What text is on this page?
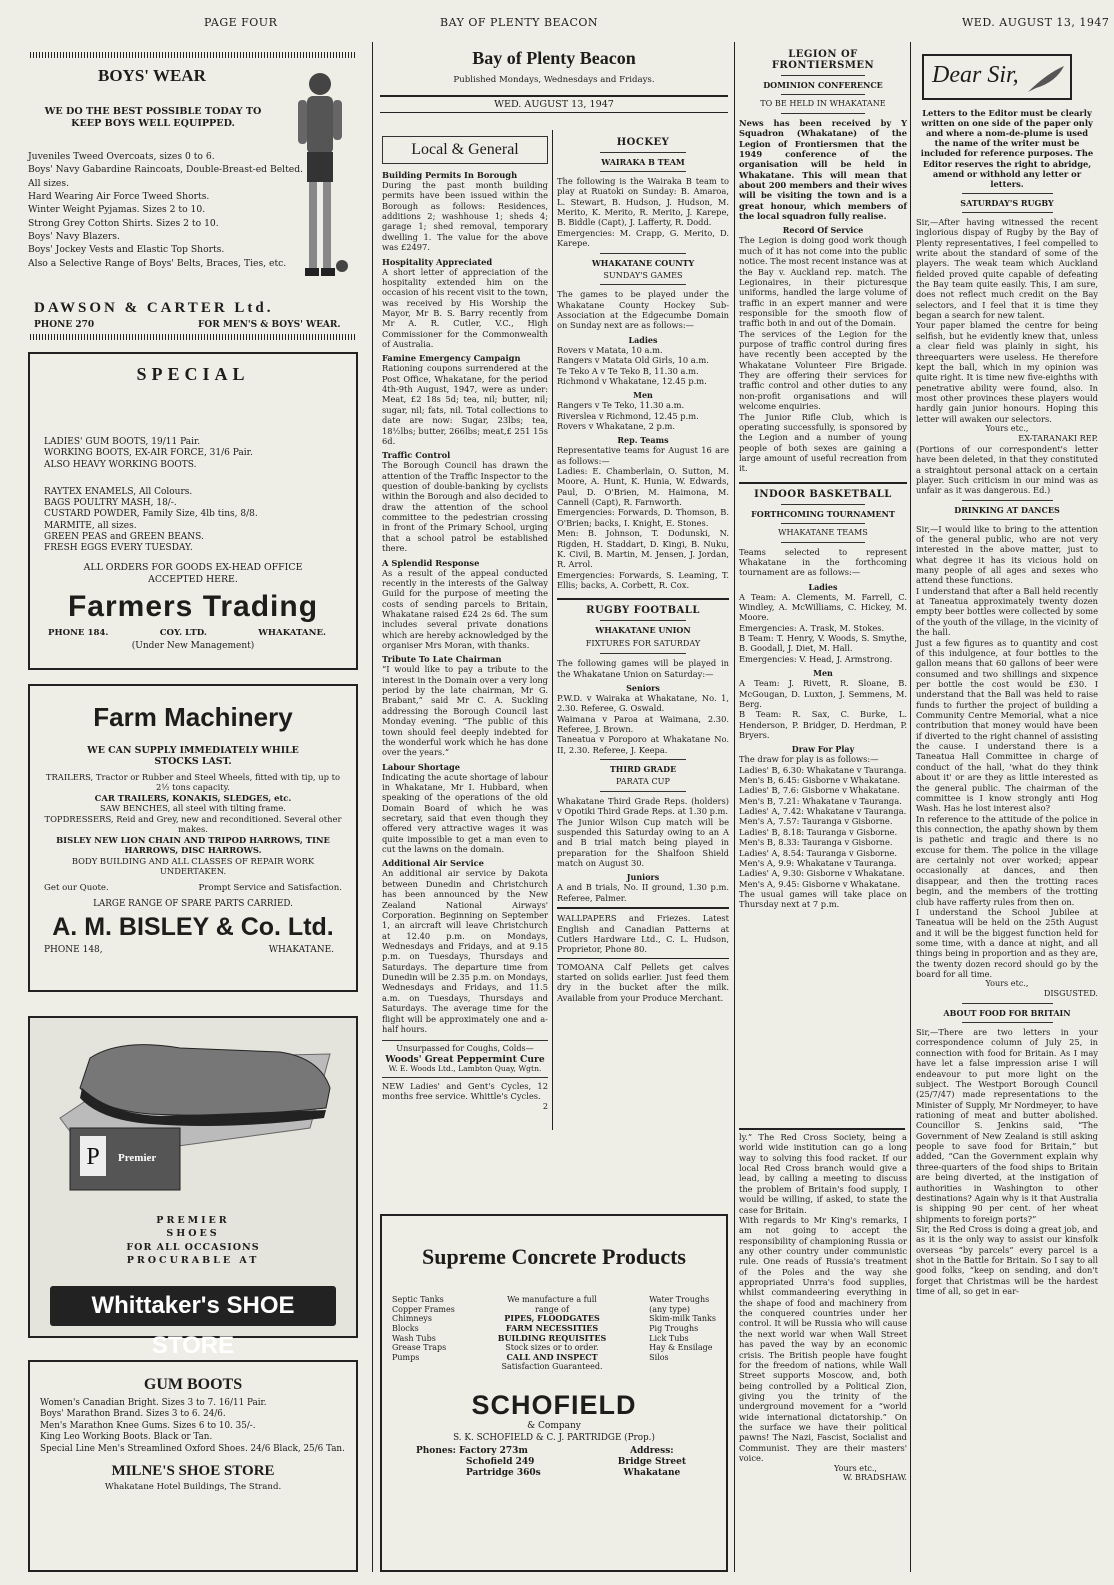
PAGE FOUR	BAY OF PLENTY BEACON	WED. AUGUST 13, 1947
BOYS' WEAR
WE DO THE BEST POSSIBLE TODAY TO KEEP BOYS WELL EQUIPPED.
Juveniles Tweed Overcoats, sizes 0 to 6.
Boys' Navy Gabardine Raincoats, Double-Breast-ed Belted. All sizes.
Hard Wearing Air Force Tweed Shorts.
Winter Weight Pyjamas. Sizes 2 to 10.
Strong Grey Cotton Shirts. Sizes 2 to 10.
Boys' Navy Blazers.
Boys' Jockey Vests and Elastic Top Shorts.
Also a Selective Range of Boys' Belts, Braces, Ties, etc.
DAWSON & CARTER Ltd.
PHONE 270	FOR MEN'S & BOYS' WEAR.
SPECIAL
LADIES' GUM BOOTS, 19/11 Pair.
WORKING BOOTS, EX-AIR FORCE, 31/6 Pair.
ALSO HEAVY WORKING BOOTS.
RAYTEX ENAMELS, All Colours.
BAGS POULTRY MASH, 18/-.
CUSTARD POWDER, Family Size, 4lb tins, 8/8.
MARMITE, all sizes.
GREEN PEAS and GREEN BEANS.
FRESH EGGS EVERY TUESDAY.
ALL ORDERS FOR GOODS EX-HEAD OFFICE ACCEPTED HERE.
Farmers Trading
PHONE 184.	COY. LTD.	WHAKATANE.
(Under New Management)
Farm Machinery
WE CAN SUPPLY IMMEDIATELY WHILE STOCKS LAST.
TRAILERS, Tractor or Rubber and Steel Wheels, fitted with tip, up to 2½ tons capacity.
CAR TRAILERS, KONAKIS, SLEDGES, etc.
SAW BENCHES, all steel with tilting frame.
TOPDRESSERS, Reid and Grey, new and reconditioned. Several other makes.
BISLEY NEW LION CHAIN AND TRIPOD HARROWS, TINE HARROWS, DISC HARROWS.
BODY BUILDING AND ALL CLASSES OF REPAIR WORK UNDERTAKEN.
Get our Quote.	Prompt Service and Satisfaction.
LARGE RANGE OF SPARE PARTS CARRIED.
A. M. BISLEY & Co. Ltd.
PHONE 148,	WHAKATANE.
P Premier
PREMIER
SHOES
FOR ALL OCCASIONS
PROCURABLE AT
Whittaker's SHOE STORE
GUM BOOTS
Women's Canadian Bright. Sizes 3 to 7. 16/11 Pair.
Boys' Marathon Brand. Sizes 3 to 6. 24/6.
Men's Marathon Knee Gums. Sizes 6 to 10. 35/-.
King Leo Working Boots. Black or Tan.
Special Line Men's Streamlined Oxford Shoes. 24/6 Black, 25/6 Tan.
MILNE'S SHOE STORE
Whakatane Hotel Buildings, The Strand.
Bay of Plenty Beacon
Published Mondays, Wednesdays and Fridays.
WED. AUGUST 13, 1947
Local & General
Building Permits In Borough
During the past month building permits have been issued within the Borough as follows: Residences, additions 2; washhouse 1; sheds 4; garage 1; shed removal, temporary dwelling 1. The value for the above was £2497.
Hospitality Appreciated
A short letter of appreciation of the hospitality extended him on the occasion of his recent visit to the town, was received by His Worship the Mayor, Mr B. S. Barry recently from Mr A. R. Cutler, V.C., High Commissioner for the Commonwealth of Australia.
Famine Emergency Campaign
Rationing coupons surrendered at the Post Office, Whakatane, for the period 4th-9th August, 1947, were as under: Meat, £2 18s 5d; tea, nil; butter, nil; sugar, nil; fats, nil. Total collections to date are now: Sugar, 23lbs; tea, 18½lbs; butter, 266lbs; meat,£ 251 15s 6d.
Traffic Control
The Borough Council has drawn the attention of the Traffic Inspector to the question of double-banking by cyclists within the Borough and also decided to draw the attention of the school committee to the pedestrian crossing in front of the Primary School, urging that a school patrol be established there.
A Splendid Response
As a result of the appeal conducted recently in the interests of the Galway Guild for the purpose of meeting the costs of sending parcels to Britain, Whakatane raised £24 2s 6d. The sum includes several private donations which are hereby acknowledged by the organiser Mrs Moran, with thanks.
Tribute To Late Chairman
“I would like to pay a tribute to the interest in the Domain over a very long period by the late chairman, Mr G. Brabant,” said Mr C. A. Suckling addressing the Borough Council last Monday evening. “The public of this town should feel deeply indebted for the wonderful work which he has done over the years.”
Labour Shortage
Indicating the acute shortage of labour in Whakatane, Mr I. Hubbard, when speaking of the operations of the old Domain Board of which he was secretary, said that even though they offered very attractive wages it was quite impossible to get a man even to cut the lawns on the domain.
Additional Air Service
An additional air service by Dakota between Dunedin and Christchurch has been announced by the New Zealand National Airways' Corporation. Beginning on September 1, an aircraft will leave Christchurch at 12.40 p.m. on Mondays, Wednesdays and Fridays, and at 9.15 p.m. on Tuesdays, Thursdays and Saturdays. The departure time from Dunedin will be 2.35 p.m. on Mondays, Wednesdays and Fridays, and 11.5 a.m. on Tuesdays, Thursdays and Saturdays. The average time for the flight will be approximately one and a-half hours.
Unsurpassed for Coughs, Colds—
Woods' Great Peppermint Cure
W. E. Woods Ltd., Lambton Quay, Wgtn.
NEW Ladies' and Gent's Cycles, 12 months free service. Whittle's Cycles.
2
HOCKEY
WAIRAKA B TEAM
The following is the Wairaka B team to play at Ruatoki on Sunday: B. Amaroa, L. Stewart, B. Hudson, J. Hudson, M. Merito, K. Merito, R. Merito, J. Karepe, B. Biddle (Capt), J. Lafferty, R. Dodd.
Emergencies: M. Crapp, G. Merito, D. Karepe.
WHAKATANE COUNTY
SUNDAY'S GAMES
The games to be played under the Whakatane County Hockey Sub-Association at the Edgecumbe Domain on Sunday next are as follows:—
Ladies
Rovers v Matata, 10 a.m.
Rangers v Matata Old Girls, 10 a.m.
Te Teko A v Te Teko B, 11.30 a.m.
Richmond v Whakatane, 12.45 p.m.
Men
Rangers v Te Teko, 11.30 a.m.
Riverslea v Richmond, 12.45 p.m.
Rovers v Whakatane, 2 p.m.
Rep. Teams
Representative teams for August 16 are as follows:—
Ladies: E. Chamberlain, O. Sutton, M. Moore, A. Hunt, K. Hunia, W. Edwards, Paul, D. O'Brien, M. Haimona, M. Cannell (Capt), R. Farnworth.
Emergencies: Forwards, D. Thomson, B. O'Brien; backs, I. Knight, E. Stones.
Men: B. Johnson, T. Dodunski, N. Rigden, H. Staddart, D. Kingi, B. Nuku, K. Civil, B. Martin, M. Jensen, J. Jordan, R. Arrol.
Emergencies: Forwards, S. Leaming, T. Ellis; backs, A. Corbett, R. Cox.
RUGBY FOOTBALL
WHAKATANE UNION
FIXTURES FOR SATURDAY
The following games will be played in the Whakatane Union on Saturday:—
Seniors
P.W.D. v Wairaka at Whakatane, No. 1, 2.30. Referee, G. Oswald.
Waimana v Paroa at Waimana, 2.30. Referee, J. Brown.
Taneatua v Poroporo at Whakatane No. II, 2.30. Referee, J. Keepa.
THIRD GRADE
PARATA CUP
Whakatane Third Grade Reps. (holders) v Opotiki Third Grade Reps. at 1.30 p.m.
The Junior Wilson Cup match will be suspended this Saturday owing to an A and B trial match being played in preparation for the Shalfoon Shield match on August 30.
Juniors
A and B trials, No. II ground, 1.30 p.m. Referee, Palmer.
WALLPAPERS and Friezes. Latest English and Canadian Patterns at Cutlers Hardware Ltd., C. L. Hudson, Proprietor, Phone 80.
TOMOANA Calf Pellets get calves started on solids earlier. Just feed them dry in the bucket after the milk. Available from your Produce Merchant.
Supreme Concrete Products
Septic Tanks
Copper Frames
Chimneys
Blocks
Wash Tubs
Grease Traps
Pumps
We manufacture a full
range of
PIPES, FLOODGATES
FARM NECESSITIES
BUILDING REQUISITES
Stock sizes or to order.
CALL AND INSPECT
Satisfaction Guaranteed.
Water Troughs
(any type)
Skim-milk Tanks
Pig Troughs
Lick Tubs
Hay & Ensilage
Silos
SCHOFIELD
& Company
S. K. SCHOFIELD & C. J. PARTRIDGE (Prop.)
Phones: Factory 273m
Schofield 249
Partridge 360s
Address:
Bridge Street
Whakatane
LEGION OF FRONTIERSMEN
DOMINION CONFERENCE
TO BE HELD IN WHAKATANE
News has been received by Y Squadron (Whakatane) of the Legion of Frontiersmen that the 1949 conference of the organisation will be held in Whakatane. This will mean that about 200 members and their wives will be visiting the town and is a great honour, which members of the local squadron fully realise.
Record Of Service
The Legion is doing good work though much of it has not come into the public notice. The most recent instance was at the Bay v. Auckland rep. match. The Legionaires, in their picturesque uniforms, handled the large volume of traffic in an expert manner and were responsible for the smooth flow of traffic both in and out of the Domain.
The services of the Legion for the purpose of traffic control during fires have recently been accepted by the Whakatane Volunteer Fire Brigade. They are offering their services for traffic control and other duties to any non-profit organisations and will welcome enquiries.
The Junior Rifle Club, which is operating successfully, is sponsored by the Legion and a number of young people of both sexes are gaining a large amount of useful recreation from it.
INDOOR BASKETBALL
FORTHCOMING TOURNAMENT
WHAKATANE TEAMS
Teams selected to represent Whakatane in the forthcoming tournament are as follows:—
Ladies
A Team: A. Clements, M. Farrell, C. Windley, A. McWilliams, C. Hickey, M. Moore.
Emergencies: A. Trask, M. Stokes.
B Team: T. Henry, V. Woods, S. Smythe, B. Goodall, J. Diet, M. Hall.
Emergencies: V. Head, J. Armstrong.
Men
A Team: J. Rivett, R. Sloane, B. McGougan, D. Luxton, J. Semmens, M. Berg.
B Team: R. Sax, C. Burke, L. Henderson, P. Bridger, D. Herdman, P. Bryers.
Draw For Play
The draw for play is as follows:—
Ladies' B, 6.30: Whakatane v Tauranga.
Men's B, 6.45: Gisborne v Whakatane.
Ladies' B, 7.6: Gisborne v Whakatane.
Men's B, 7.21: Whakatane v Tauranga.
Ladies' A, 7.42: Whakatane v Tauranga.
Men's A, 7.57: Tauranga v Gisborne.
Ladies' B, 8.18: Tauranga v Gisborne.
Men's B, 8.33: Tauranga v Gisborne.
Ladies' A, 8.54: Tauranga v Gisborne.
Men's A, 9.9: Whakatane v Tauranga.
Ladies' A, 9.30: Gisborne v Whakatane.
Men's A, 9.45: Gisborne v Whakatane.
The usual games will take place on Thursday next at 7 p.m.
ly.” The Red Cross Society, being a world wide institution can go a long way to solving this food racket. If our local Red Cross branch would give a lead, by calling a meeting to discuss the problem of Britain's food supply, I would be willing, if asked, to state the case for Britain.
With regards to Mr King's remarks, I am not going to accept the responsibility of championing Russia or any other country under communistic rule. One reads of Russia's treatment of the Poles and the way she appropriated Unrra's food supplies, whilst commandeering everything in the shape of food and machinery from the conquered countries under her control. It will be Russia who will cause the next world war when Wall Street has paved the way by an economic crisis. The British people have fought for the freedom of nations, while Wall Street supports Moscow, and, both being controlled by a Political Zion, giving you the trinity of the underground movement for a “world wide international dictatorship.” On the surface we have their political pawns! The Nazi, Fascist, Socialist and Communist. They are their masters' voice.
Yours etc.,
W. BRADSHAW.
Dear Sir,
Letters to the Editor must be clearly written on one side of the paper only and where a nom-de-plume is used the name of the writer must be included for reference purposes. The Editor reserves the right to abridge, amend or withhold any letter or letters.
SATURDAY'S RUGBY
Sir,—After having witnessed the recent inglorious dispay of Rugby by the Bay of Plenty representatives, I feel compelled to write about the standard of some of the players. The weak team which Auckland fielded proved quite capable of defeating the Bay team quite easily. This, I am sure, does not reflect much credit on the Bay selectors, and I feel that it is time they began a search for new talent.
Your paper blamed the centre for being selfish, but he evidently knew that, unless a clear field was plainly in sight, his threequarters were useless. He therefore kept the ball, which in my opinion was quite right. It is time new five-eighths with penetrative ability were found, also. In most other provinces these players would hardly gain junior honours. Hoping this letter will awaken our selectors.
Yours etc.,
EX-TARANAKI REP.
(Portions of our correspondent's letter have been deleted, in that they constituted a straightout personal attack on a certain player. Such criticism in our mind was as unfair as it was dangerous. Ed.)
DRINKING AT DANCES
Sir,—I would like to bring to the attention of the general public, who are not very interested in the above matter, just to what degree it has its vicious hold on many people of all ages and sexes who attend these functions.
I understand that after a Ball held recently at Taneatua approximately twenty dozen empty beer bottles were collected by some of the youth of the village, in the vicinity of the hall.
Just a few figures as to quantity and cost of this indulgence, at four bottles to the gallon means that 60 gallons of beer were consumed and two shillings and sixpence per bottle the cost would be £30. I understand that the Ball was held to raise funds to further the project of building a Community Centre Memorial, what a nice contribution that money would have been if diverted to the right channel of assisting the cause. I understand there is a Taneatua Hall Committee in charge of conduct of the hall, 'what do they think about it' or are they as little interested as the general public. The chairman of the committee is I know strongly anti Hog Wash. Has he lost interest also?
In reference to the attitude of the police in this connection, the apathy shown by them is pathetic and tragic and there is no excuse for them. The police in the village are certainly not over worked; appear occasionally at dances, and then disappear, and then the trotting races begin, and the members of the trotting club have rafferty rules from then on.
I understand the School Jubilee at Taneatua will be held on the 25th August and it will be the biggest function held for some time, with a dance at night, and all things being in proportion and as they are, the twenty dozen record should go by the board for all time.
Yours etc.,
DISGUSTED.
ABOUT FOOD FOR BRITAIN
Sir,—There are two letters in your correspondence column of July 25, in connection with food for Britain. As I may have let a false impression arise I will endeavour to put more light on the subject. The Westport Borough Council (25/7/47) made representations to the Minister of Supply, Mr Nordmeyer, to have rationing of meat and butter abolished. Councillor S. Jenkins said, “The Government of New Zealand is still asking people to save food for Britain,” but added, “Can the Government explain why three-quarters of the food ships to Britain are being diverted, at the instigation of authorities in Washington to other destinations? Again why is it that Australia is shipping 90 per cent. of her wheat shipments to foreign ports?”
Sir, the Red Cross is doing a great job, and as it is the only way to assist our kinsfolk overseas “by parcels” every parcel is a shot in the Battle for Britain. So I say to all good folks, “keep on sending, and don't forget that Christmas will be the hardest time of all, so get in ear-
